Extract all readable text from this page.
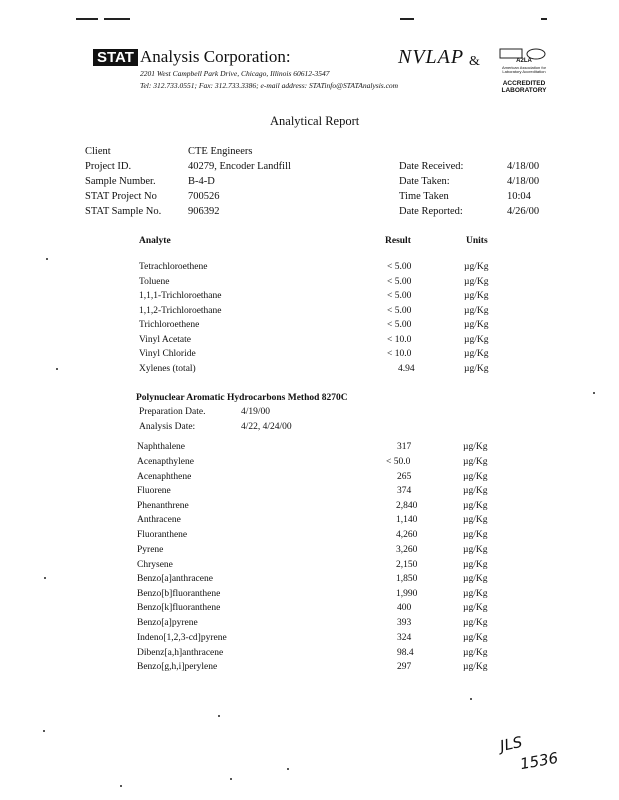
STAT Analysis Corporation:
2201 West Campbell Park Drive, Chicago, Illinois 60612-3547
Tel: 312.733.0551; Fax: 312.733.3386; e-mail address: STATinfo@STATAnalysis.com
NVLAP &	A2LA
American Association for Laboratory Accreditation
ACCREDITED
LABORATORY
Analytical Report
Client	CTE Engineers
Project ID.	40279, Encoder Landfill
Sample Number.	B-4-D
STAT Project No	700526
STAT Sample No.	906392
Date Received:	4/18/00
Date Taken:	4/18/00
Time Taken	10:04
Date Reported:	4/26/00
Analyte	Result	Units
Tetrachloroethene	< 5.00	µg/Kg
Toluene	< 5.00	µg/Kg
1,1,1-Trichloroethane	< 5.00	µg/Kg
1,1,2-Trichloroethane	< 5.00	µg/Kg
Trichloroethene	< 5.00	µg/Kg
Vinyl Acetate	< 10.0	µg/Kg
Vinyl Chloride	< 10.0	µg/Kg
Xylenes (total)	4.94	µg/Kg
Polynuclear Aromatic Hydrocarbons Method 8270C
Preparation Date.	4/19/00
Analysis Date:	4/22, 4/24/00
Naphthalene	317	µg/Kg
Acenapthylene	< 50.0	µg/Kg
Acenaphthene	265	µg/Kg
Fluorene	374	µg/Kg
Phenanthrene	2,840	µg/Kg
Anthracene	1,140	µg/Kg
Fluoranthene	4,260	µg/Kg
Pyrene	3,260	µg/Kg
Chrysene	2,150	µg/Kg
Benzo[a]anthracene	1,850	µg/Kg
Benzo[b]fluoranthene	1,990	µg/Kg
Benzo[k]fluoranthene	400	µg/Kg
Benzo[a]pyrene	393	µg/Kg
Indeno[1,2,3-cd]pyrene	324	µg/Kg
Dibenz[a,h]anthracene	98.4	µg/Kg
Benzo[g,h,i]perylene	297	µg/Kg
JLS
1536
